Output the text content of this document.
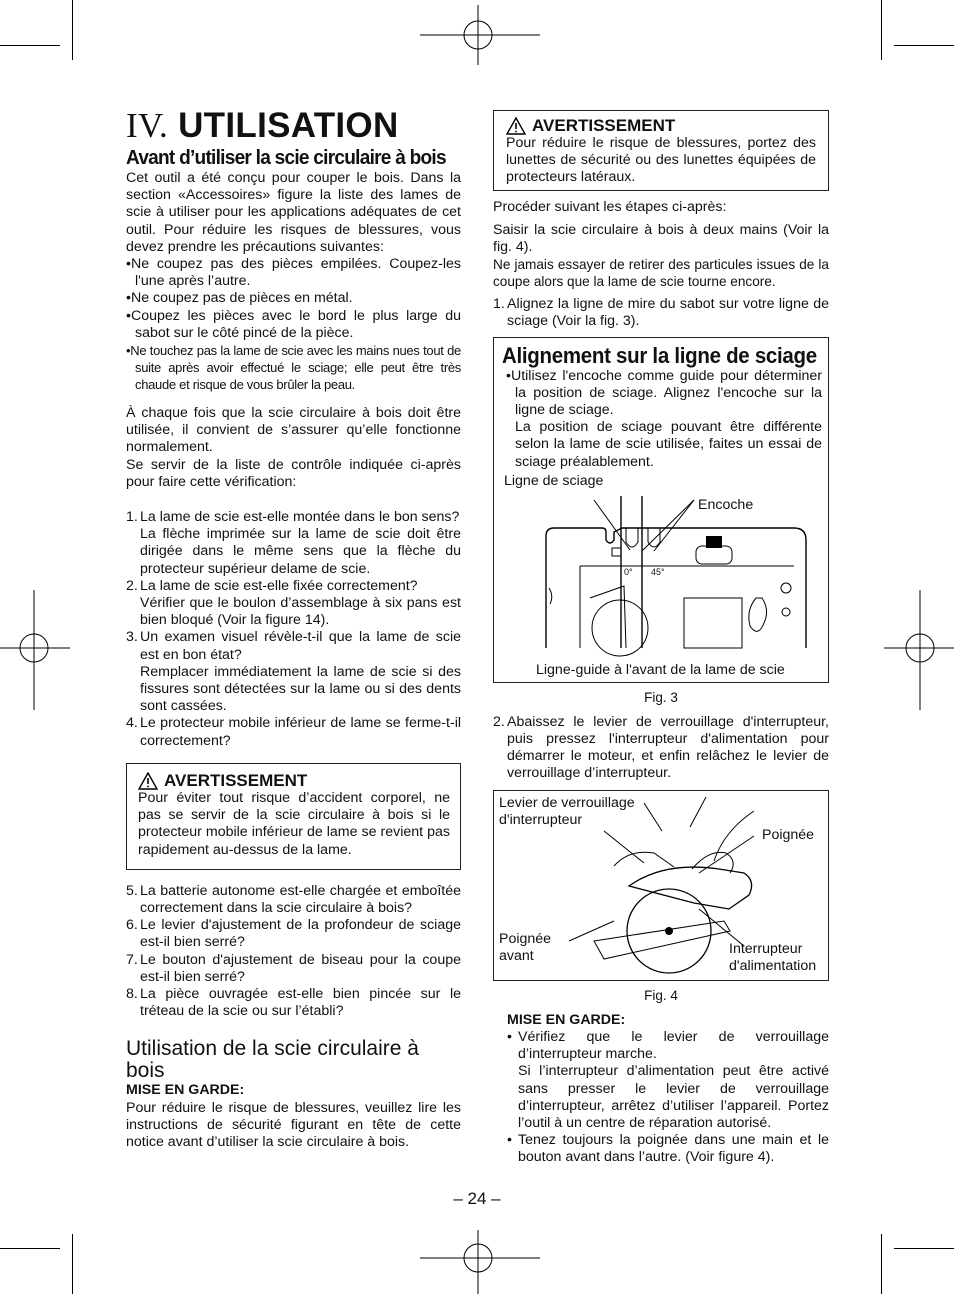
IV. UTILISATION
Avant d’utiliser la scie circulaire à bois

Cet outil a été conçu pour couper le bois. Dans la section «Accessoires» figure la liste des lames de scie à utiliser pour les applications adéquates de cet outil. Pour réduire les risques de blessures, vous devez prendre les précautions suivantes:

•Ne coupez pas des pièces empilées. Coupez-les l'une après l’autre.

•Ne coupez pas de pièces en métal.

•Coupez les pièces avec le bord le plus large du sabot sur le côté pincé de la pièce.

•Ne touchez pas la lame de scie avec les mains nues tout de suite après avoir effectué le sciage; elle peut être très chaude et risque de vous brûler la peau.

À chaque fois que la scie circulaire à bois doit être utilisée, il convient de s’assurer qu’elle fonctionne normalement.

Se servir de la liste de contrôle indiquée ci-après pour faire cette vérification:

1. La lame de scie est-elle montée dans le bon sens?
La flèche imprimée sur la lame de scie doit être dirigée dans le même sens que la flèche du protecteur supérieur delame de scie.
2. La lame de scie est-elle fixée correctement?
Vérifier que le boulon d’assemblage à six pans est bien bloqué (Voir la figure 14).
3. Un examen visuel révèle-t-il que la lame de scie est en bon état?
Remplacer immédiatement la lame de scie si des fissures sont détectées sur la lame ou si des dents sont cassées.
4. Le protecteur mobile inférieur de lame se ferme-t-il correctement?
AVERTISSEMENT

Pour éviter tout risque d’accident corporel, ne pas se servir de la scie circulaire à bois si le protecteur mobile inférieur de lame se revient pas rapidement au-dessus de la lame.

5. La batterie autonome est-elle chargée et emboîtée correctement dans la scie circulaire à bois?
6. Le levier d'ajustement de la profondeur de sciage est-il bien serré?
7. Le bouton d'ajustement de biseau pour la coupe est-il bien serré?
8. La pièce ouvragée est-elle bien pincée sur le tréteau de la scie ou sur l’établi?

Utilisation de la scie circulaire à bois

MISE EN GARDE:

Pour réduire le risque de blessures, veuillez lire les instructions de sécurité figurant en tête de cette notice avant d’utiliser la scie circulaire à bois.

AVERTISSEMENT

Pour réduire le risque de blessures, portez des lunettes de sécurité ou des lunettes équipées de protecteurs latéraux.

Procéder suivant les étapes ci-après:

Saisir la scie circulaire à bois à deux mains (Voir la fig. 4).

Ne jamais essayer de retirer des particules issues de la coupe alors que la lame de scie tourne encore.

1. Alignez la ligne de mire du sabot sur votre ligne de sciage (Voir la fig. 3).

Alignement sur la ligne de sciage

•Utilisez l'encoche comme guide pour déterminer la position de sciage. Alignez l'encoche sur la ligne de sciage.

La position de sciage pouvant être différente selon la lame de scie utilisée, faites un essai de sciage préalablement.

Ligne de sciage
Encoche
0° 45°
Ligne-guide à l'avant de la lame de scie

Fig. 3

2. Abaissez le levier de verrouillage d'interrupteur, puis pressez l'interrupteur d'alimentation pour démarrer le moteur, et enfin relâchez le levier de verrouillage d’interrupteur.
Levier de verrouillage d'interrupteur
Poignée
Poignée avant	Interrupteur d'alimentation

Fig. 4

MISE EN GARDE:

• Vérifiez que le levier de verrouillage d’interrupteur marche.
Si l’interrupteur d’alimentation peut être activé sans presser le levier de verrouillage d’interrupteur, arrêtez d’utiliser l’appareil. Portez l’outil à un centre de réparation autorisé.
• Tenez toujours la poignée dans une main et le bouton avant dans l’autre. (Voir figure 4).
– 24 –
